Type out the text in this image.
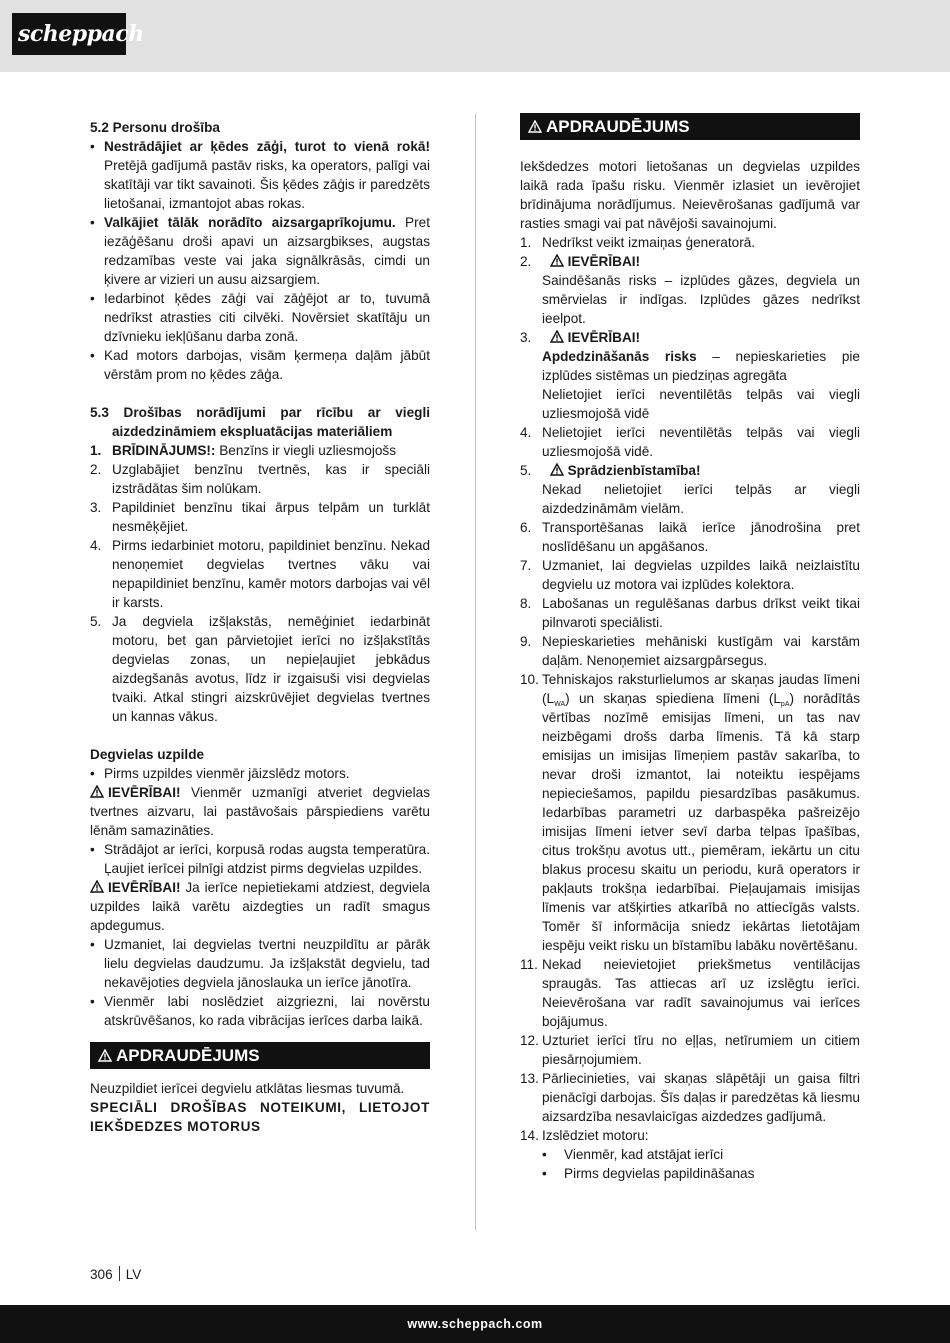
scheppach
5.2 Personu drošība
• Nestrādājiet ar ķēdes zāģi, turot to vienā rokā! Pretējā gadījumā pastāv risks, ka operators, palīgi vai skatītāji var tikt savainoti. Šis ķēdes zāģis ir paredzēts lietošanai, izmantojot abas rokas.
• Valkājiet tālāk norādīto aizsargaprīkojumu. Pret iezāģēšanu droši apavi un aizsargbikses, augstas redzamības veste vai jaka signālkrāsās, cimdi un ķivere ar vizieri un ausu aizsargiem.
• Iedarbinot ķēdes zāģi vai zāģējot ar to, tuvumā nedrīkst atrasties citi cilvēki. Novērsiet skatītāju un dzīvnieku iekļūšanu darba zonā.
• Kad motors darbojas, visām ķermeņa daļām jābūt vērstām prom no ķēdes zāģa.
5.3 Drošības norādījumi par rīcību ar viegli aizdedzināmiem ekspluatācijas materiāliem
1. BRĪDINĀJUMS!: Benzīns ir viegli uzliesmojošs
2. Uzglabājiet benzīnu tvertnēs, kas ir speciāli izstrādātas šim nolūkam.
3. Papildiniet benzīnu tikai ārpus telpām un turklāt nesmēķējiet.
4. Pirms iedarbiniet motoru, papildiniet benzīnu. Nekad nenoņemiet degvielas tvertnes vāku vai nepapildiniet benzīnu, kamēr motors darbojas vai vēl ir karsts.
5. Ja degviela izšļakstās, nemēģiniet iedarbināt motoru, bet gan pārvietojiet ierīci no izšļakstītās degvielas zonas, un nepieļaujiet jebkādus aizdegšanās avotus, līdz ir izgaisuši visi degvielas tvaiki. Atkal stingri aizskrūvējiet degvielas tvertnes un kannas vākus.
Degvielas uzpilde
• Pirms uzpildes vienmēr jāizslēdz motors.
IEVĒRĪBAI! Vienmēr uzmanīgi atveriet degvielas tvertnes aizvaru, lai pastāvošais pārspiediens varētu lēnām samazināties.
• Strādājot ar ierīci, korpusā rodas augsta temperatūra. Ļaujiet ierīcei pilnīgi atdzist pirms degvielas uzpildes.
IEVĒRĪBAI! Ja ierīce nepietiekami atdziest, degviela uzpildes laikā varētu aizdegties un radīt smagus apdegumus.
• Uzmaniet, lai degvielas tvertni neuzpildītu ar pārāk lielu degvielas daudzumu. Ja izšļakstāt degvielu, tad nekavējoties degviela jānoslauka un ierīce jānotīra.
• Vienmēr labi noslēdziet aizgriezni, lai novērstu atskrūvēšanos, ko rada vibrācijas ierīces darba laikā.
APDRAUDĒJUMS
Neuzpildiet ierīcei degvielu atklātas liesmas tuvumā.
SPECIĀLI DROŠĪBAS NOTEIKUMI, LIETOJOT IEKŠDEDZES MOTORUS
APDRAUDĒJUMS
Iekšdedzes motori lietošanas un degvielas uzpildes laikā rada īpašu risku. Vienmēr izlasiet un ievērojiet brīdinājuma norādījumus. Neievērošanas gadījumā var rasties smagi vai pat nāvējoši savainojumi.
1. Nedrīkst veikt izmaiņas ģeneratorā.
2.	IEVĒRĪBAI!
Saindēšanās risks – izplūdes gāzes, degviela un smērvielas ir indīgas. Izplūdes gāzes nedrīkst ieelpot.
3.	IEVĒRĪBAI!
Apdedzināšanās risks – nepieskarieties pie izplūdes sistēmas un piedziņas agregāta
Nelietojiet ierīci neventilētās telpās vai viegli uzliesmojošā vidē
4. Nelietojiet ierīci neventilētās telpās vai viegli uzliesmojošā vidē.
5.	Sprādzienbīstamība!
Nekad nelietojiet ierīci telpās ar viegli aizdedzināmām vielām.
6. Transportēšanas laikā ierīce jānodrošina pret noslīdēšanu un apgāšanos.
7. Uzmaniet, lai degvielas uzpildes laikā neizlaistītu degvielu uz motora vai izplūdes kolektora.
8. Labošanas un regulēšanas darbus drīkst veikt tikai pilnvaroti speciālisti.
9. Nepieskarieties mehāniski kustīgām vai karstām daļām. Nenoņemiet aizsargpārsegus.
10. Tehniskajos raksturlielumos ar skaņas jaudas līmeni $(L_{WA})$ un skaņas spiediena līmeni $(L_{pA})$ norādītās vērtības nozīmē emisijas līmeni, un tas nav neizbēgami drošs darba līmenis. Tā kā starp emisijas un imisijas līmeņiem pastāv sakarība, to nevar droši izmantot, lai noteiktu iespējams nepieciešamos, papildu piesardzības pasākumus. Iedarbības parametri uz darbaspēka pašreizējo imisijas līmeni ietver sevī darba telpas īpašības, citus trokšņu avotus utt., piemēram, iekārtu un citu blakus procesu skaitu un periodu, kurā operators ir pakļauts trokšņa iedarbībai. Pieļaujamais imisijas līmenis var atšķirties atkarībā no attiecīgās valsts. Tomēr šī informācija sniedz iekārtas lietotājam iespēju veikt risku un bīstamību labāku novērtēšanu.
11. Nekad neievietojiet priekšmetus ventilācijas spraugās. Tas attiecas arī uz izslēgtu ierīci. Neievērošana var radīt savainojumus vai ierīces bojājumus.
12. Uzturiet ierīci tīru no eļļas, netīrumiem un citiem piesārņojumiem.
13. Pārliecinieties, vai skaņas slāpētāji un gaisa filtri pienācīgi darbojas. Šīs daļas ir paredzētas kā liesmu aizsardzība nesavlaicīgas aizdedzes gadījumā.
14. Izslēdziet motoru:
• Vienmēr, kad atstājat ierīci
• Pirms degvielas papildināšanas
306 LV
www.scheppach.com
